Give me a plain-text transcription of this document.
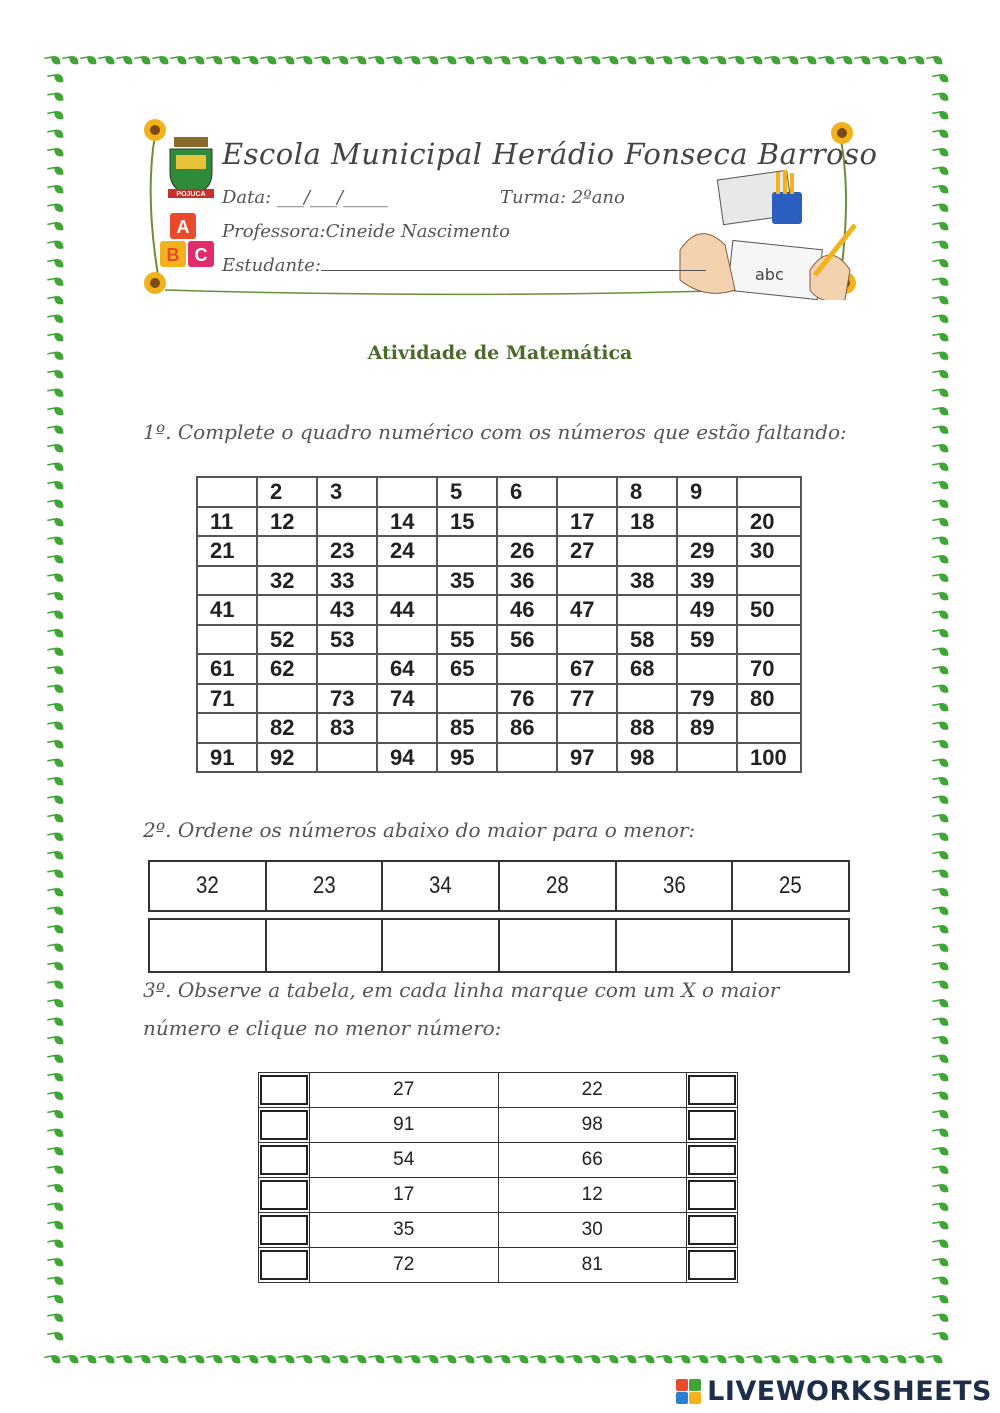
POJUCA
A
B C
abc
Escola Municipal Herádio Fonseca Barroso
Data: ___/___/_____	Turma: 2ºano
Professora:Cineide Nascimento
Estudante:
Atividade de Matemática
1º. Complete o quadro numérico com os números que estão faltando:
	2	3		5	6		8	9	
11	12		14	15		17	18		20
21		23	24		26	27		29	30
	32	33		35	36		38	39	
41		43	44		46	47		49	50
	52	53		55	56		58	59	
61	62		64	65		67	68		70
71		73	74		76	77		79	80
	82	83		85	86		88	89	
91	92		94	95		97	98		100
2º. Ordene os números abaixo do maior para o menor:
32	23	34	28	36	25

3º. Observe a tabela, em cada linha marque com um X o maior
número e clique no menor número:
	27	22	

	91	98	

	54	66	

	17	12	

	35	30	

	72	81	
LIVEWORKSHEETS
